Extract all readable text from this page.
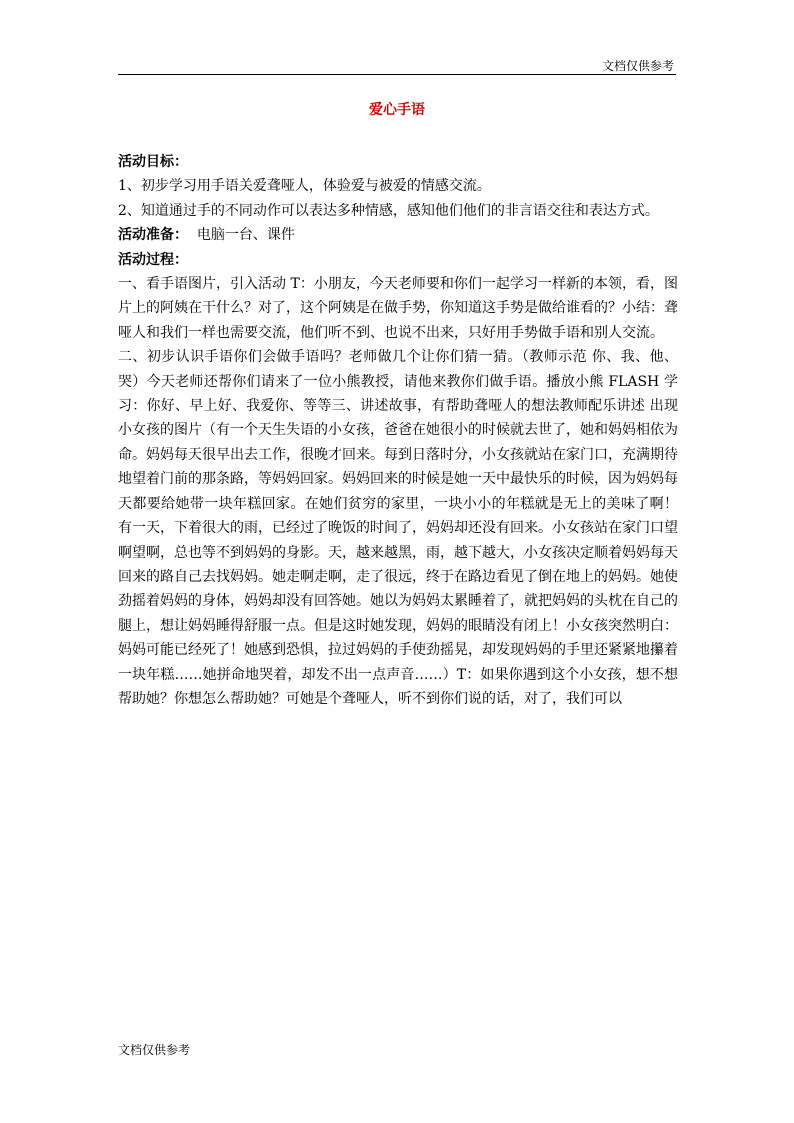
文档仅供参考
爱心手语

活动目标：

1、初步学习用手语关爱聋哑人，体验爱与被爱的情感交流。

2、知道通过手的不同动作可以表达多种情感，感知他们他们的非言语交往和表达方式。

活动准备： 电脑一台、课件

活动过程：

一、看手语图片，引入活动 T：小朋友，今天老师要和你们一起学习一样新的本领，看，图片上的阿姨在干什么？对了，这个阿姨是在做手势，你知道这手势是做给谁看的？小结：聋哑人和我们一样也需要交流，他们听不到、也说不出来，只好用手势做手语和别人交流。

二、初步认识手语你们会做手语吗？老师做几个让你们猜一猜。（教师示范 你、我、他、哭）今天老师还帮你们请来了一位小熊教授，请他来教你们做手语。播放小熊 FLASH 学习：你好、早上好、我爱你、等等三、讲述故事，有帮助聋哑人的想法教师配乐讲述 出现小女孩的图片（有一个天生失语的小女孩，爸爸在她很小的时候就去世了，她和妈妈相依为命。妈妈每天很早出去工作，很晚才回来。每到日落时分，小女孩就站在家门口，充满期待地望着门前的那条路，等妈妈回家。妈妈回来的时候是她一天中最快乐的时候，因为妈妈每天都要给她带一块年糕回家。在她们贫穷的家里，一块小小的年糕就是无上的美味了啊！ 有一天，下着很大的雨，已经过了晚饭的时间了，妈妈却还没有回来。小女孩站在家门口望啊望啊，总也等不到妈妈的身影。天，越来越黑，雨，越下越大，小女孩决定顺着妈妈每天回来的路自己去找妈妈。她走啊走啊，走了很远，终于在路边看见了倒在地上的妈妈。她使劲摇着妈妈的身体，妈妈却没有回答她。她以为妈妈太累睡着了，就把妈妈的头枕在自己的腿上，想让妈妈睡得舒服一点。但是这时她发现，妈妈的眼睛没有闭上！小女孩突然明白：妈妈可能已经死了！她感到恐惧，拉过妈妈的手使劲摇晃，却发现妈妈的手里还紧紧地攥着一块年糕……她拼命地哭着，却发不出一点声音……）T：如果你遇到这个小女孩，想不想帮助她？你想怎么帮助她？可她是个聋哑人，听不到你们说的话，对了，我们可以

文档仅供参考
